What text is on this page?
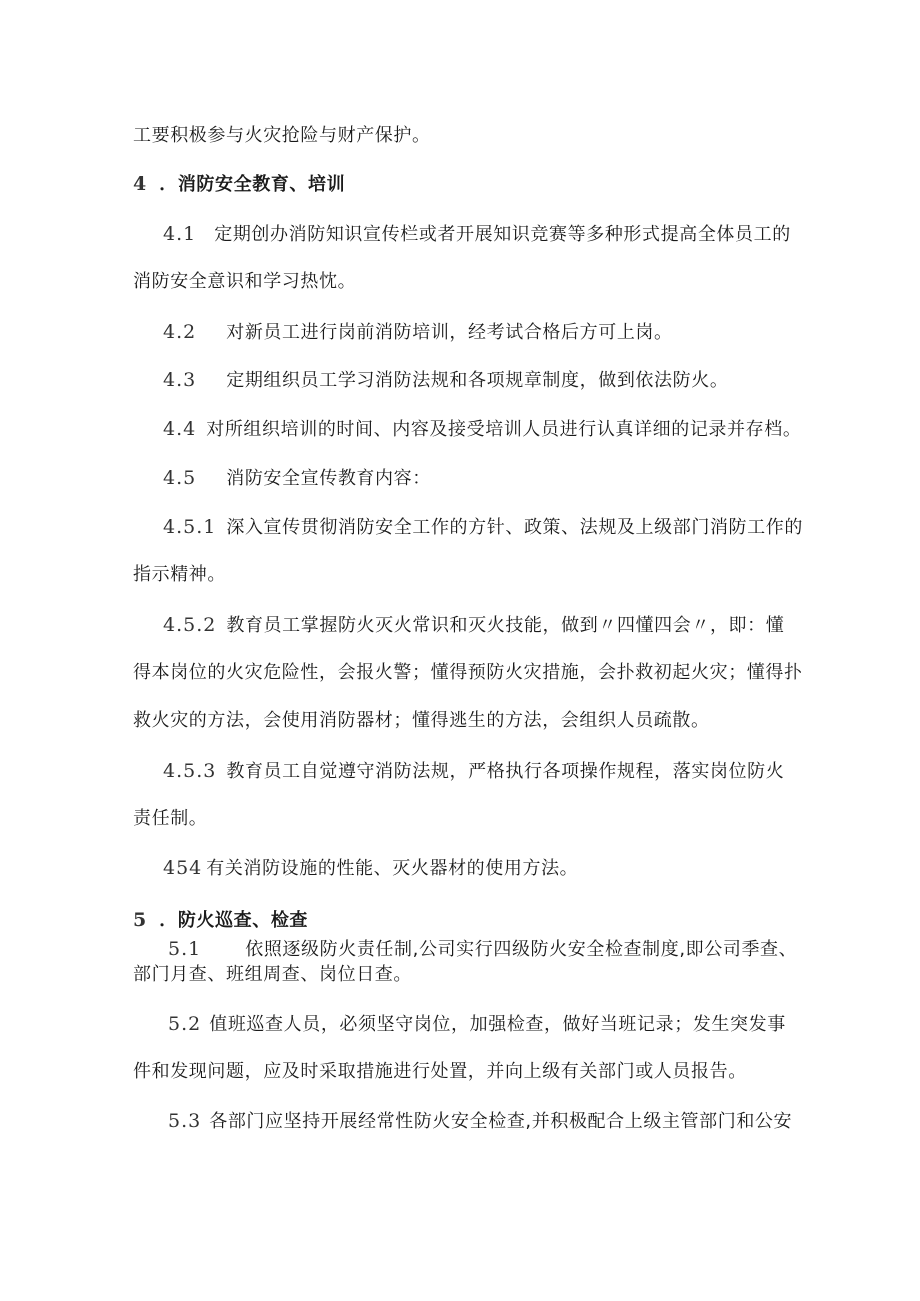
工要积极参与火灾抢险与财产保护。
4 ．消防安全教育、培训
4.1 定期创办消防知识宣传栏或者开展知识竞赛等多种形式提高全体员工的
消防安全意识和学习热忱。
4.2 对新员工进行岗前消防培训，经考试合格后方可上岗。
4.3 定期组织员工学习消防法规和各项规章制度，做到依法防火。
4.4 对所组织培训的时间、内容及接受培训人员进行认真详细的记录并存档。
4.5 消防安全宣传教育内容：
4.5.1 深入宣传贯彻消防安全工作的方针、政策、法规及上级部门消防工作的
指示精神。
4.5.2 教育员工掌握防火灭火常识和灭火技能，做到〃四懂四会〃，即：懂
得本岗位的火灾危险性，会报火警；懂得预防火灾措施，会扑救初起火灾；懂得扑
救火灾的方法，会使用消防器材；懂得逃生的方法，会组织人员疏散。
4.5.3 教育员工自觉遵守消防法规，严格执行各项操作规程，落实岗位防火
责任制。
454 有关消防设施的性能、灭火器材的使用方法。
5 ．防火巡查、检查
5.1 依照逐级防火责任制,公司实行四级防火安全检查制度,即公司季查、
部门月查、班组周查、岗位日查。
5.2 值班巡查人员，必须坚守岗位，加强检查，做好当班记录；发生突发事
件和发现问题，应及时采取措施进行处置，并向上级有关部门或人员报告。
5.3 各部门应坚持开展经常性防火安全检查,并积极配合上级主管部门和公安
